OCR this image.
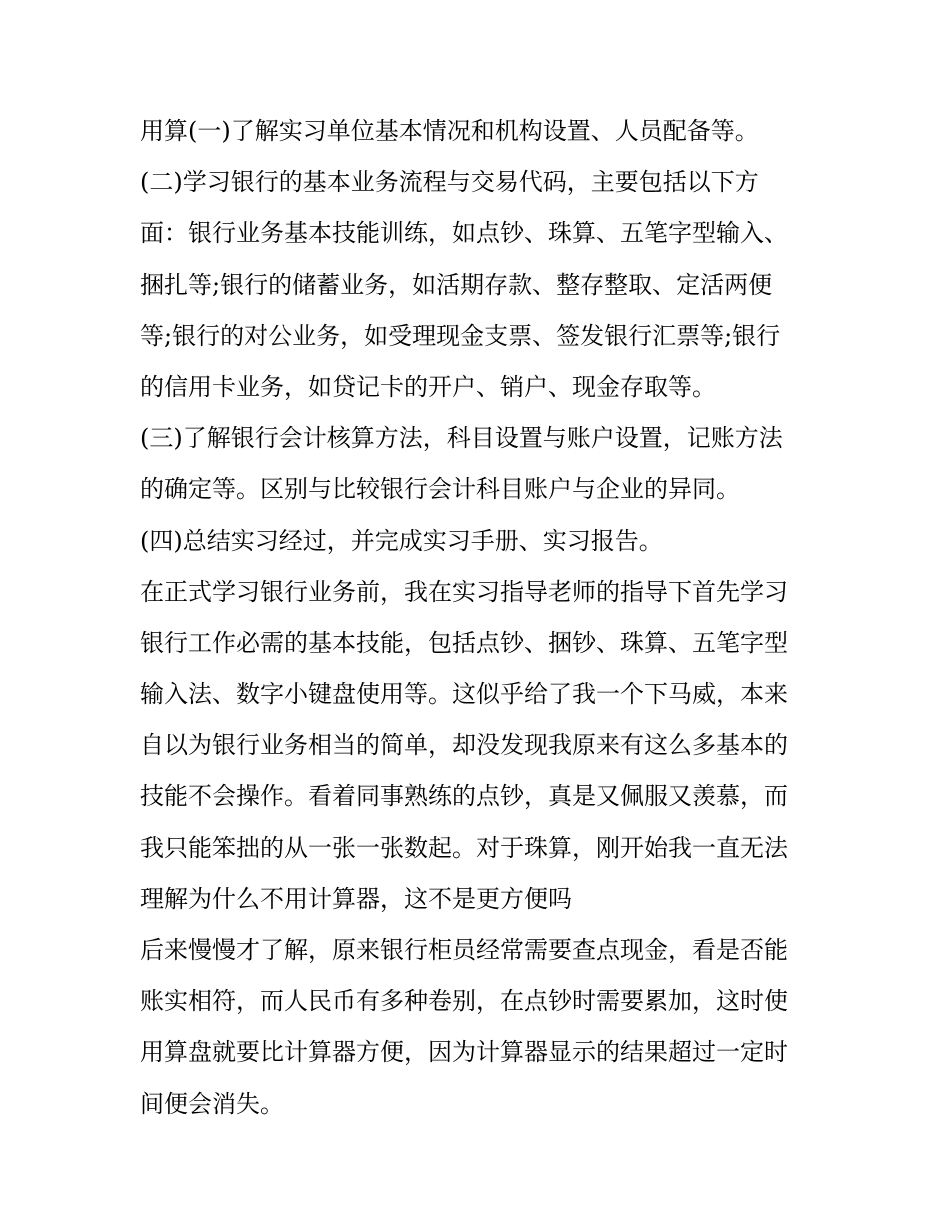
用算(一)了解实习单位基本情况和机构设置、人员配备等。
(二)学习银行的基本业务流程与交易代码，主要包括以下方
面：银行业务基本技能训练，如点钞、珠算、五笔字型输入、
捆扎等;银行的储蓄业务，如活期存款、整存整取、定活两便
等;银行的对公业务，如受理现金支票、签发银行汇票等;银行
的信用卡业务，如贷记卡的开户、销户、现金存取等。
(三)了解银行会计核算方法，科目设置与账户设置，记账方法
的确定等。区别与比较银行会计科目账户与企业的异同。
(四)总结实习经过，并完成实习手册、实习报告。
在正式学习银行业务前，我在实习指导老师的指导下首先学习
银行工作必需的基本技能，包括点钞、捆钞、珠算、五笔字型
输入法、数字小键盘使用等。这似乎给了我一个下马威，本来
自以为银行业务相当的简单，却没发现我原来有这么多基本的
技能不会操作。看着同事熟练的点钞，真是又佩服又羡慕，而
我只能笨拙的从一张一张数起。对于珠算，刚开始我一直无法
理解为什么不用计算器，这不是更方便吗
后来慢慢才了解，原来银行柜员经常需要查点现金，看是否能
账实相符，而人民币有多种卷别，在点钞时需要累加，这时使
用算盘就要比计算器方便，因为计算器显示的结果超过一定时
间便会消失。
